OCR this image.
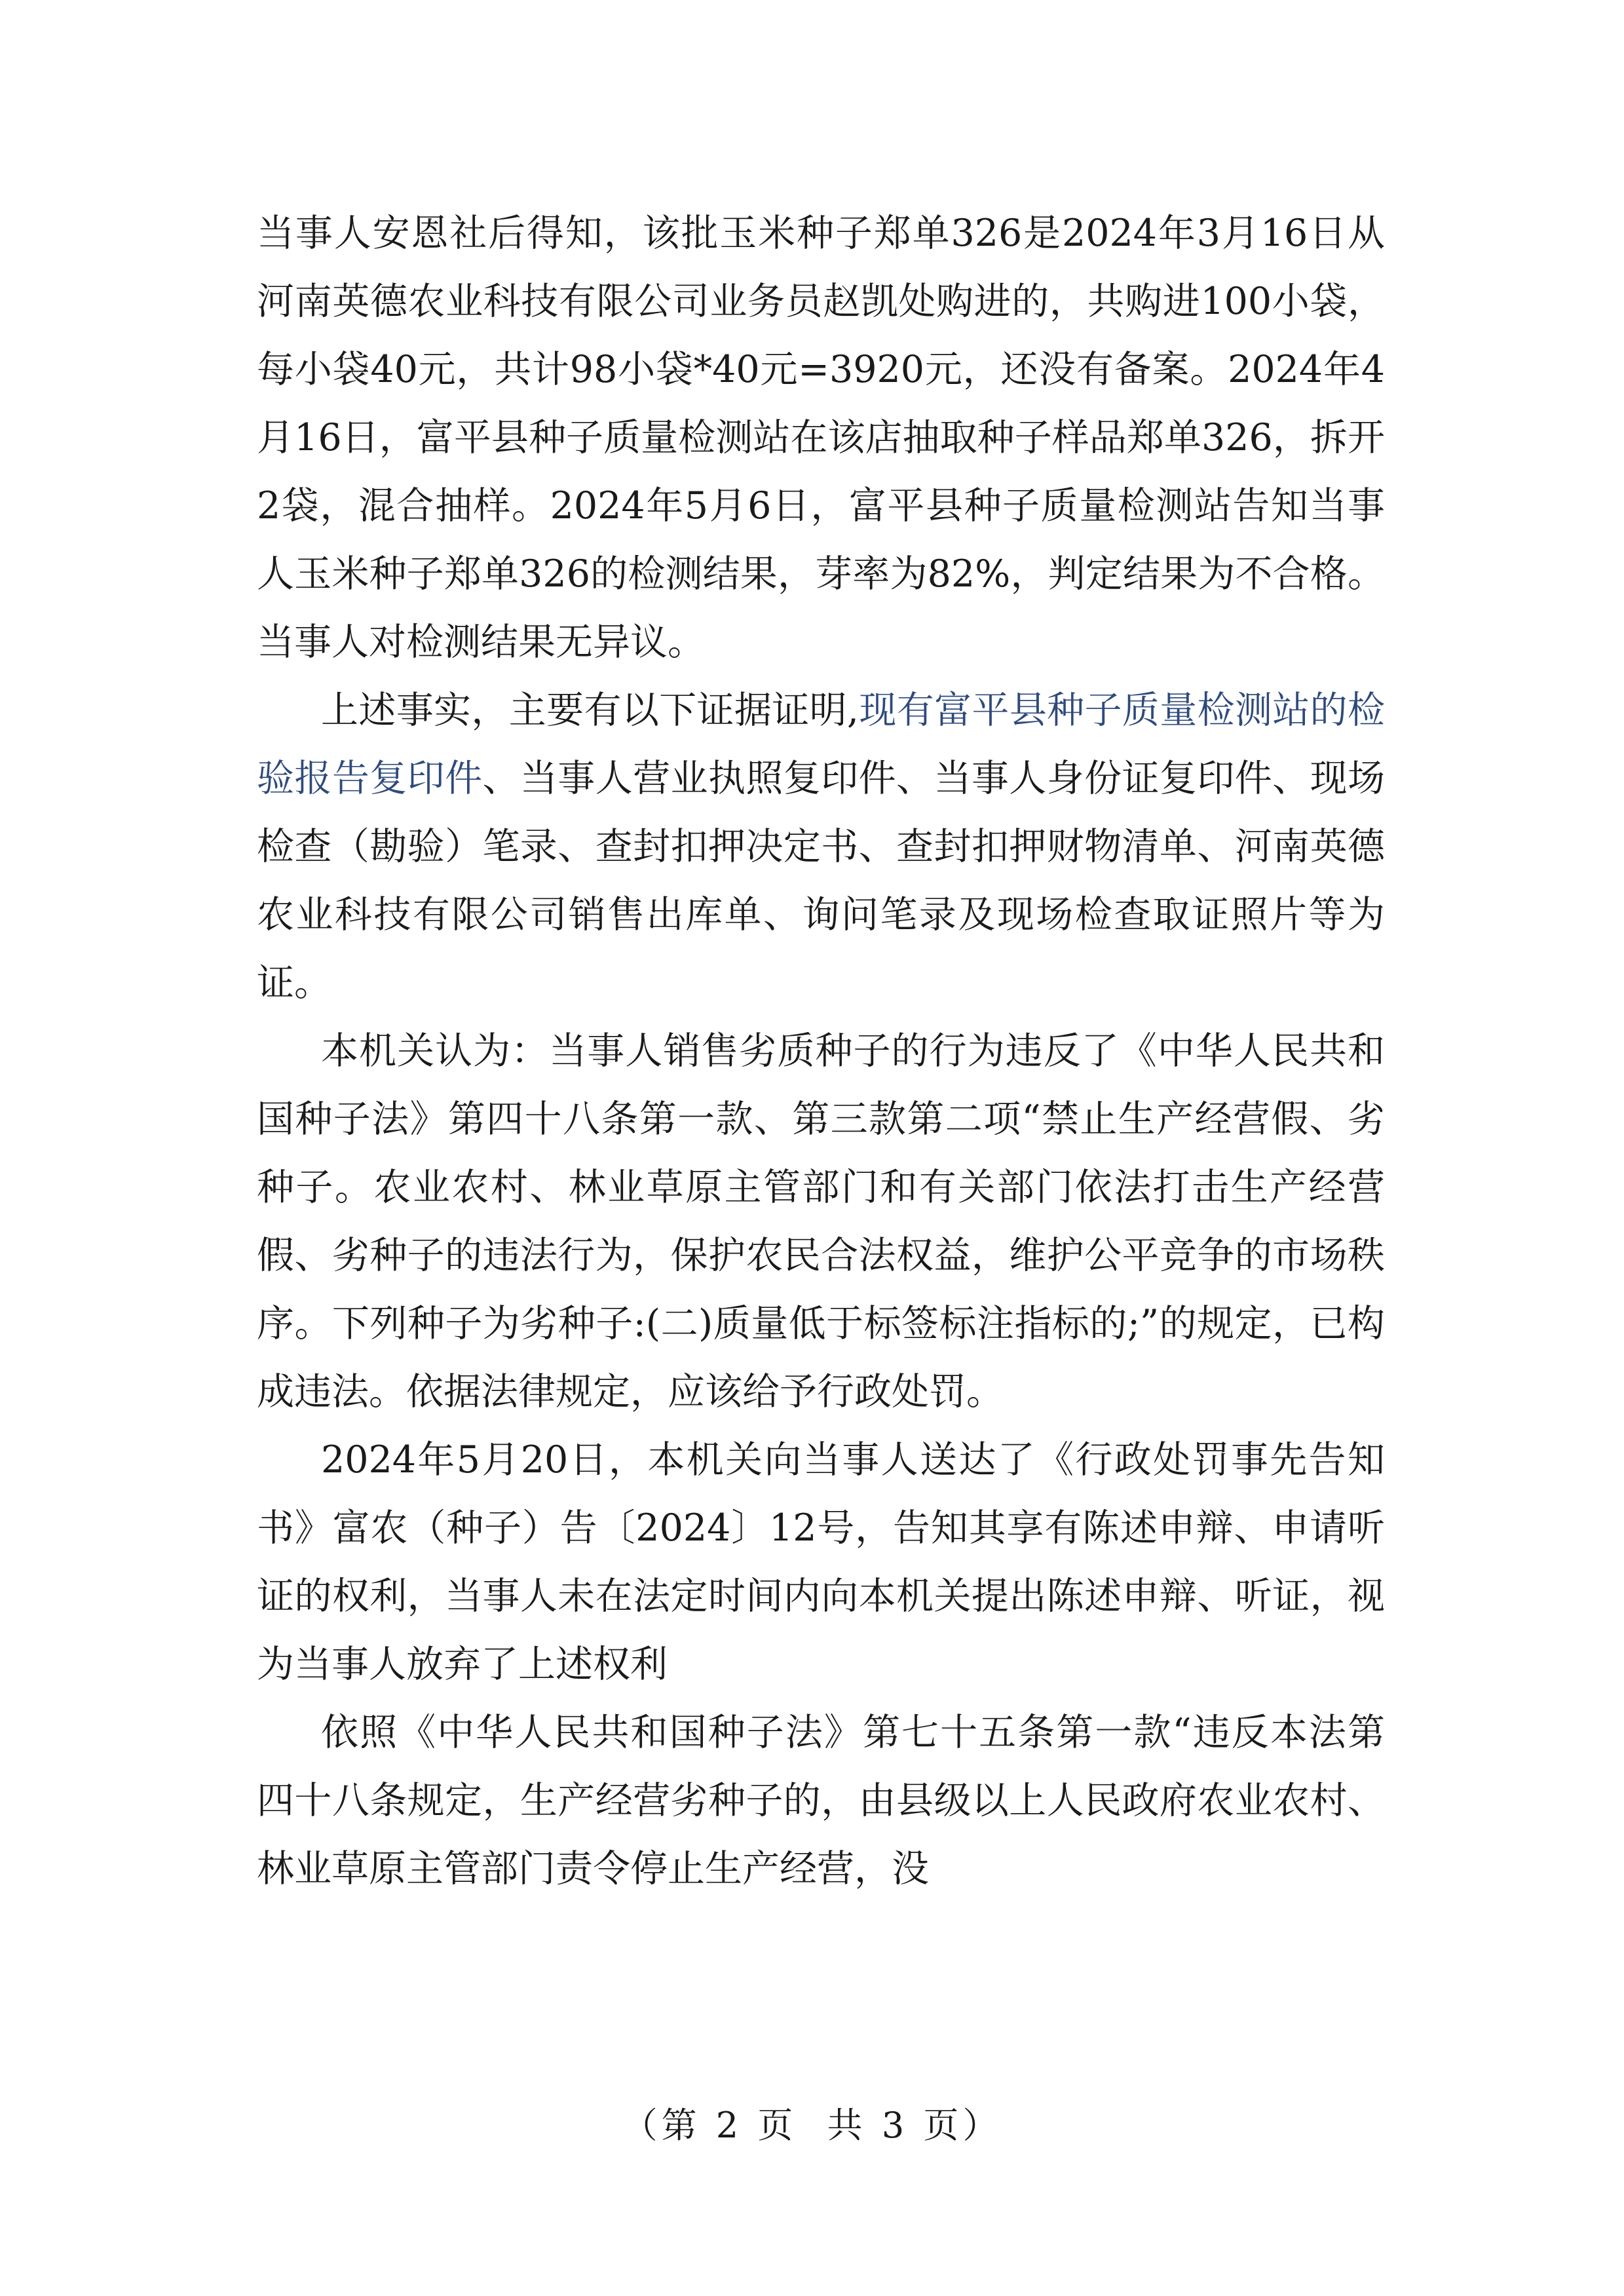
当事人安恩社后得知，该批玉米种子郑单326是2024年3月16日从河南英德农业科技有限公司业务员赵凯处购进的，共购进100小袋，每小袋40元，共计98小袋*40元=3920元，还没有备案。2024年4月16日，富平县种子质量检测站在该店抽取种子样品郑单326，拆开2袋，混合抽样。2024年5月6日，富平县种子质量检测站告知当事人玉米种子郑单326的检测结果，芽率为82%，判定结果为不合格。当事人对检测结果无异议。

上述事实，主要有以下证据证明,现有富平县种子质量检测站的检验报告复印件、当事人营业执照复印件、当事人身份证复印件、现场检查（勘验）笔录、查封扣押决定书、查封扣押财物清单、河南英德农业科技有限公司销售出库单、询问笔录及现场检查取证照片等为证。

本机关认为：当事人销售劣质种子的行为违反了《中华人民共和国种子法》第四十八条第一款、第三款第二项“禁止生产经营假、劣种子。农业农村、林业草原主管部门和有关部门依法打击生产经营假、劣种子的违法行为，保护农民合法权益，维护公平竞争的市场秩序。下列种子为劣种子:(二)质量低于标签标注指标的;”的规定，已构成违法。依据法律规定，应该给予行政处罚。

2024年5月20日，本机关向当事人送达了《行政处罚事先告知书》富农（种子）告〔2024〕12号，告知其享有陈述申辩、申请听证的权利，当事人未在法定时间内向本机关提出陈述申辩、听证，视为当事人放弃了上述权利

依照《中华人民共和国种子法》第七十五条第一款“违反本法第四十八条规定，生产经营劣种子的，由县级以上人民政府农业农村、林业草原主管部门责令停止生产经营，没

（第 2 页  共 3 页）
